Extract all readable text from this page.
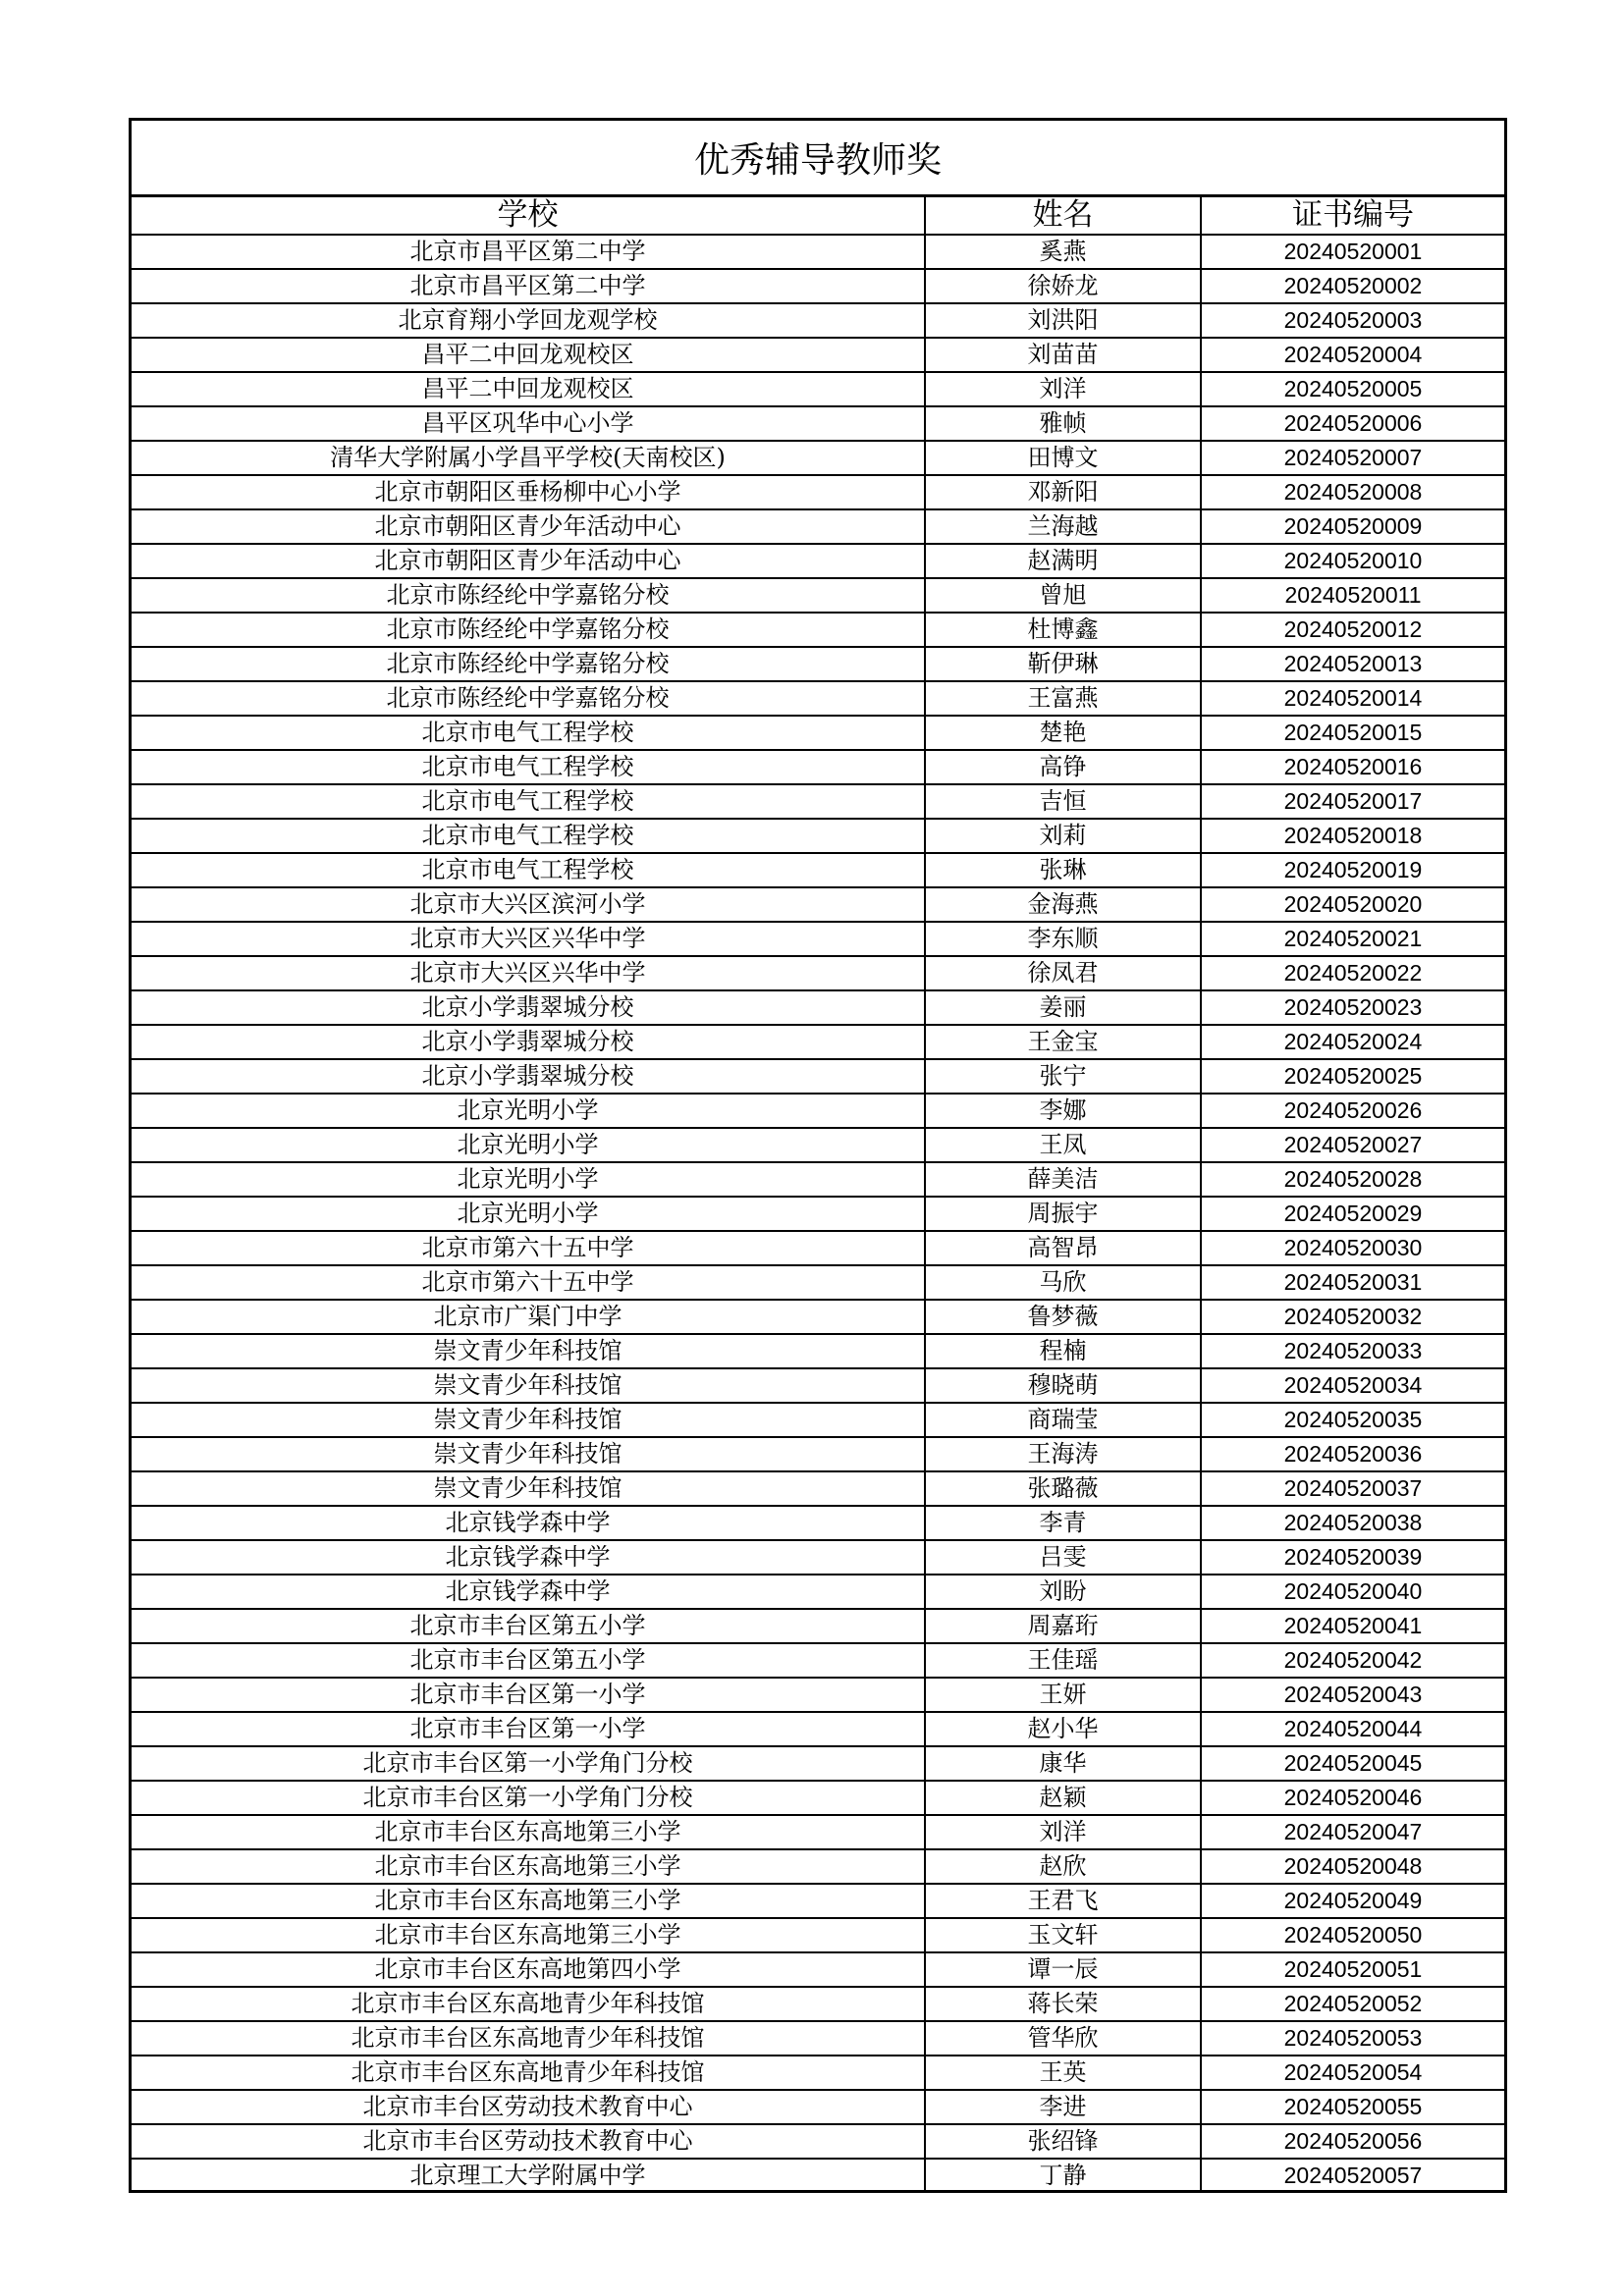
优秀辅导教师奖
学校	姓名	证书编号
北京市昌平区第二中学	奚燕	20240520001
北京市昌平区第二中学	徐娇龙	20240520002
北京育翔小学回龙观学校	刘洪阳	20240520003
昌平二中回龙观校区	刘苗苗	20240520004
昌平二中回龙观校区	刘洋	20240520005
昌平区巩华中心小学	雅帧	20240520006
清华大学附属小学昌平学校(天南校区)	田博文	20240520007
北京市朝阳区垂杨柳中心小学	邓新阳	20240520008
北京市朝阳区青少年活动中心	兰海越	20240520009
北京市朝阳区青少年活动中心	赵满明	20240520010
北京市陈经纶中学嘉铭分校	曾旭	20240520011
北京市陈经纶中学嘉铭分校	杜博鑫	20240520012
北京市陈经纶中学嘉铭分校	靳伊琳	20240520013
北京市陈经纶中学嘉铭分校	王富燕	20240520014
北京市电气工程学校	楚艳	20240520015
北京市电气工程学校	高铮	20240520016
北京市电气工程学校	吉恒	20240520017
北京市电气工程学校	刘莉	20240520018
北京市电气工程学校	张琳	20240520019
北京市大兴区滨河小学	金海燕	20240520020
北京市大兴区兴华中学	李东顺	20240520021
北京市大兴区兴华中学	徐凤君	20240520022
北京小学翡翠城分校	姜丽	20240520023
北京小学翡翠城分校	王金宝	20240520024
北京小学翡翠城分校	张宁	20240520025
北京光明小学	李娜	20240520026
北京光明小学	王凤	20240520027
北京光明小学	薛美洁	20240520028
北京光明小学	周振宇	20240520029
北京市第六十五中学	高智昂	20240520030
北京市第六十五中学	马欣	20240520031
北京市广渠门中学	鲁梦薇	20240520032
崇文青少年科技馆	程楠	20240520033
崇文青少年科技馆	穆晓萌	20240520034
崇文青少年科技馆	商瑞莹	20240520035
崇文青少年科技馆	王海涛	20240520036
崇文青少年科技馆	张璐薇	20240520037
北京钱学森中学	李青	20240520038
北京钱学森中学	吕雯	20240520039
北京钱学森中学	刘盼	20240520040
北京市丰台区第五小学	周嘉珩	20240520041
北京市丰台区第五小学	王佳瑶	20240520042
北京市丰台区第一小学	王妍	20240520043
北京市丰台区第一小学	赵小华	20240520044
北京市丰台区第一小学角门分校	康华	20240520045
北京市丰台区第一小学角门分校	赵颖	20240520046
北京市丰台区东高地第三小学	刘洋	20240520047
北京市丰台区东高地第三小学	赵欣	20240520048
北京市丰台区东高地第三小学	王君飞	20240520049
北京市丰台区东高地第三小学	玉文轩	20240520050
北京市丰台区东高地第四小学	谭一辰	20240520051
北京市丰台区东高地青少年科技馆	蒋长荣	20240520052
北京市丰台区东高地青少年科技馆	管华欣	20240520053
北京市丰台区东高地青少年科技馆	王英	20240520054
北京市丰台区劳动技术教育中心	李进	20240520055
北京市丰台区劳动技术教育中心	张绍锋	20240520056
北京理工大学附属中学	丁静	20240520057
